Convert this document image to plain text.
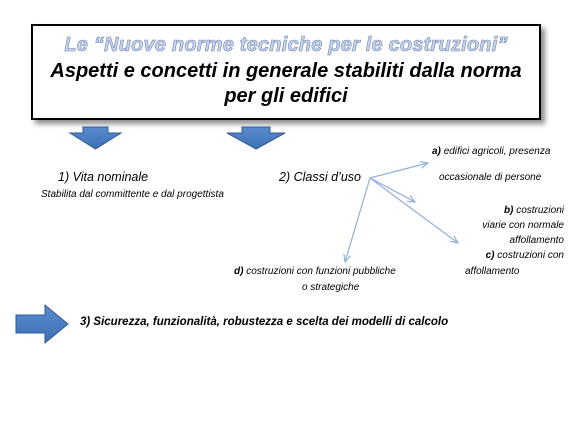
Le “Nuove norme tecniche per le costruzioni”
Aspetti e concetti in generale stabiliti dalla norma per gli edifici
1) Vita nominale
Stabilita dal committente e dal progettista
2) Classi d’uso
a) edifici agricoli, presenza
occasionale di persone
b) costruzioni
viarie con normale
affollamento
c) costruzioni con
affollamento
d) costruzioni con funzioni pubbliche
o strategiche
3) Sicurezza, funzionalità, robustezza e scelta dei modelli di calcolo
